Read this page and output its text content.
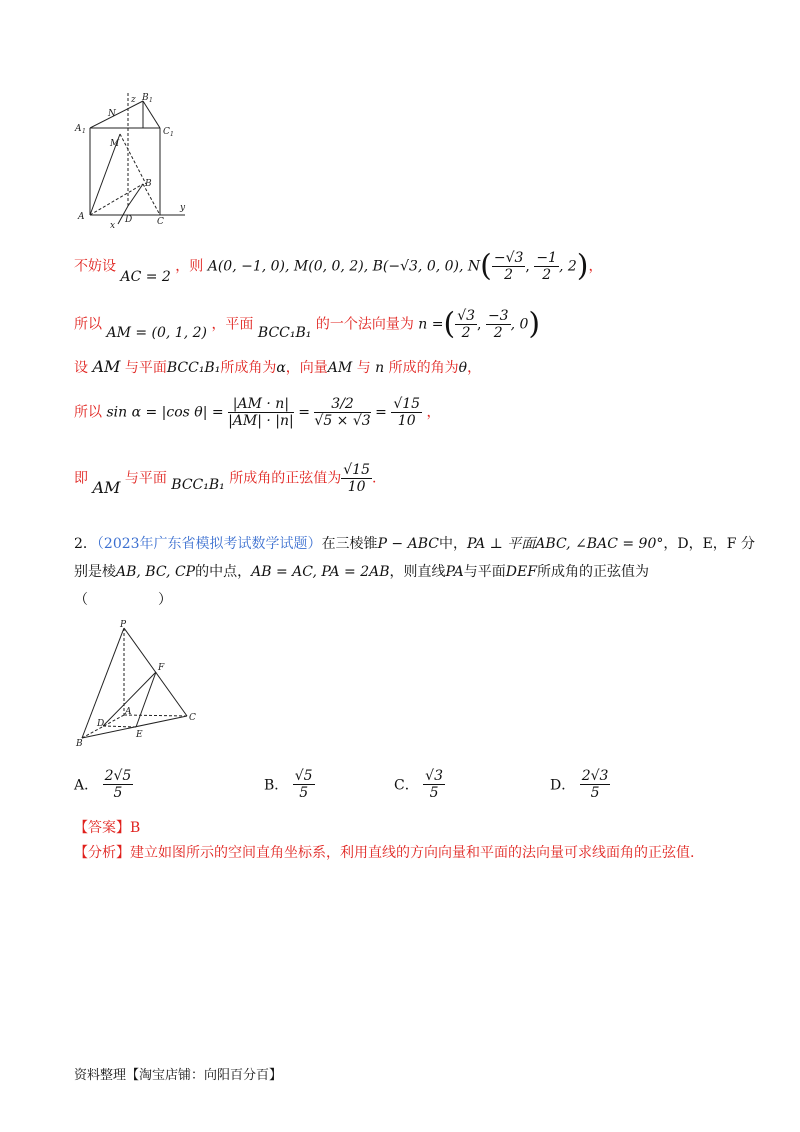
z B 1
N
A 1	C 1
M
B
y
A	D	C
x
不妨设 AC = 2 ，则 A(0, −1, 0), M(0, 0, 2), B(−√3, 0, 0), $N( \frac{-√3}{2}$ , $\frac{-1}{2}$ , 2)，
所以 AM = (0, 1, 2) ，平面 BCC₁B₁ 的一个法向量为 n =( $\frac{√3}{2}$ , $\frac{-3}{2}$ , 0)
设 AM 与平面BCC₁B₁所成角为α，向量AM 与 n 所成的角为θ，
所以 sin α = |cos $\theta| = \frac{|AM \cdot n|}{|AM| \cdot |n|} = \frac{3/2}{√5 \times √3} = \frac{√15}{10}$ ，
即 AM 与平面 BCC₁B₁ 所成角的正弦值为 $\frac{√15}{10}$ .
2．（2023年广东省模拟考试数学试题）在三棱锥P − ABC中，PA ⊥ 平面ABC, ∠BAC = 90°，D，E，F 分
别是棱AB, BC, CP的中点，AB = AC, PA = 2AB，则直线PA与平面DEF所成角的正弦值为
（　　　　　）
P
F
A
D
C
E
B
A． $\frac{2√5}{5}$	B． $\frac{√5}{5}$	C． $\frac{√3}{5}$	D． $\frac{2√3}{5}$
【答案】B
【分析】建立如图所示的空间直角坐标系，利用直线的方向向量和平面的法向量可求线面角的正弦值.
资料整理【淘宝店铺：向阳百分百】
